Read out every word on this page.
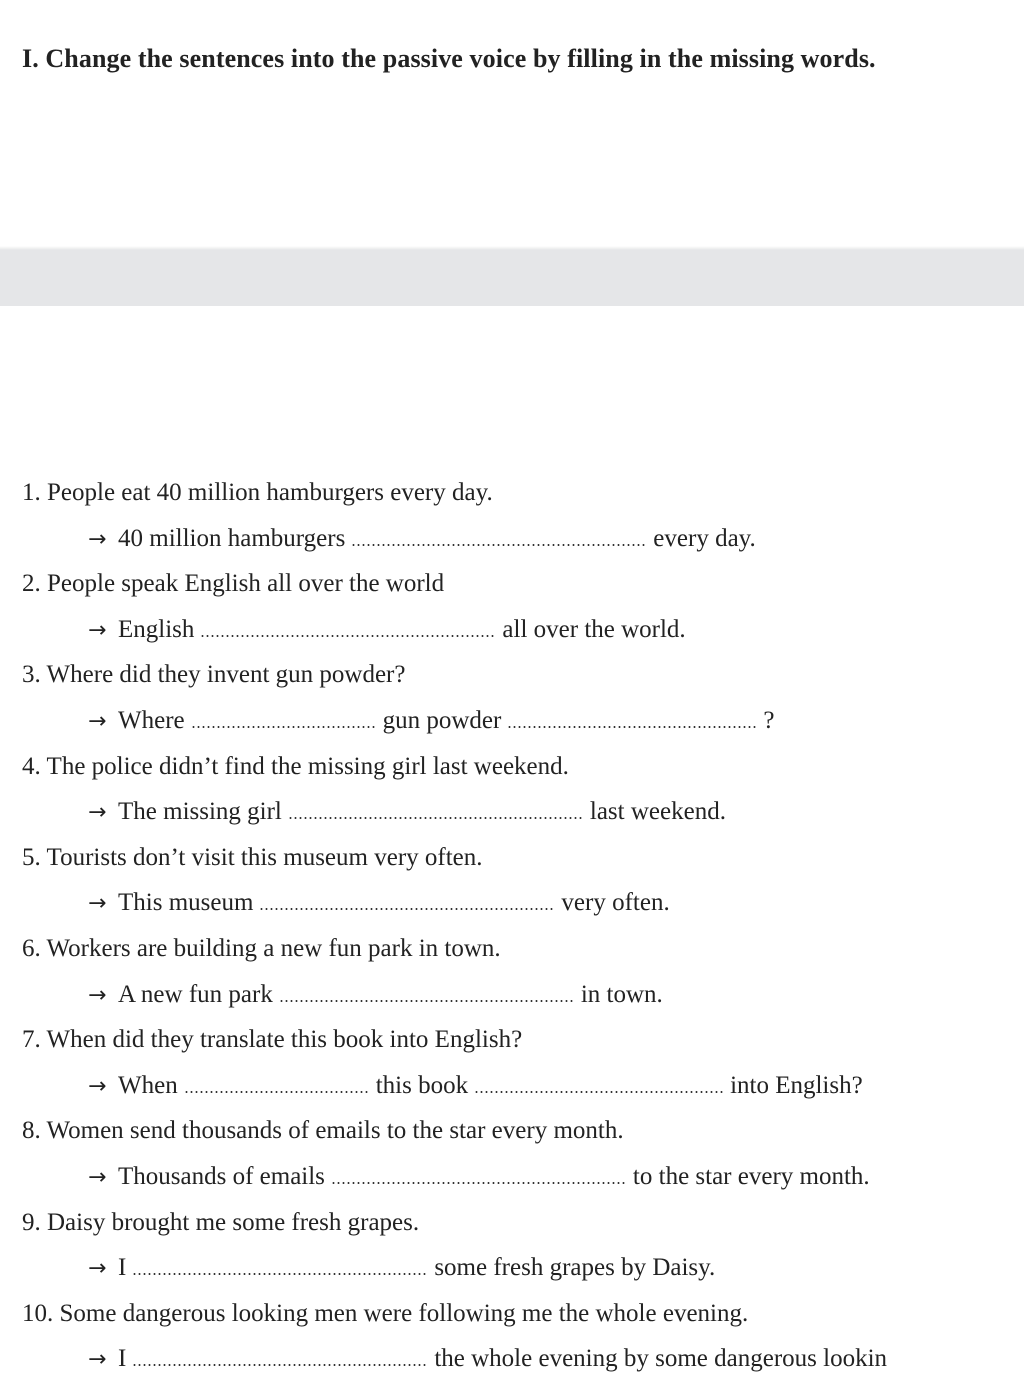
I. Change the sentences into the passive voice by filling in the missing words.
1. People eat 40 million hamburgers every day.
→ 40 million hamburgers	every day.
2. People speak English all over the world
→ English	all over the world.
3. Where did they invent gun powder?
→ Where	gun powder	?
4. The police didn’t find the missing girl last weekend.
→ The missing girl	last weekend.
5. Tourists don’t visit this museum very often.
→ This museum	very often.
6. Workers are building a new fun park in town.
→ A new fun park	in town.
7. When did they translate this book into English?
→ When	this book	into English?
8. Women send thousands of emails to the star every month.
→ Thousands of emails	to the star every month.
9. Daisy brought me some fresh grapes.
→ I	some fresh grapes by Daisy.
10. Some dangerous looking men were following me the whole evening.
→ I	the whole evening by some dangerous lookin
